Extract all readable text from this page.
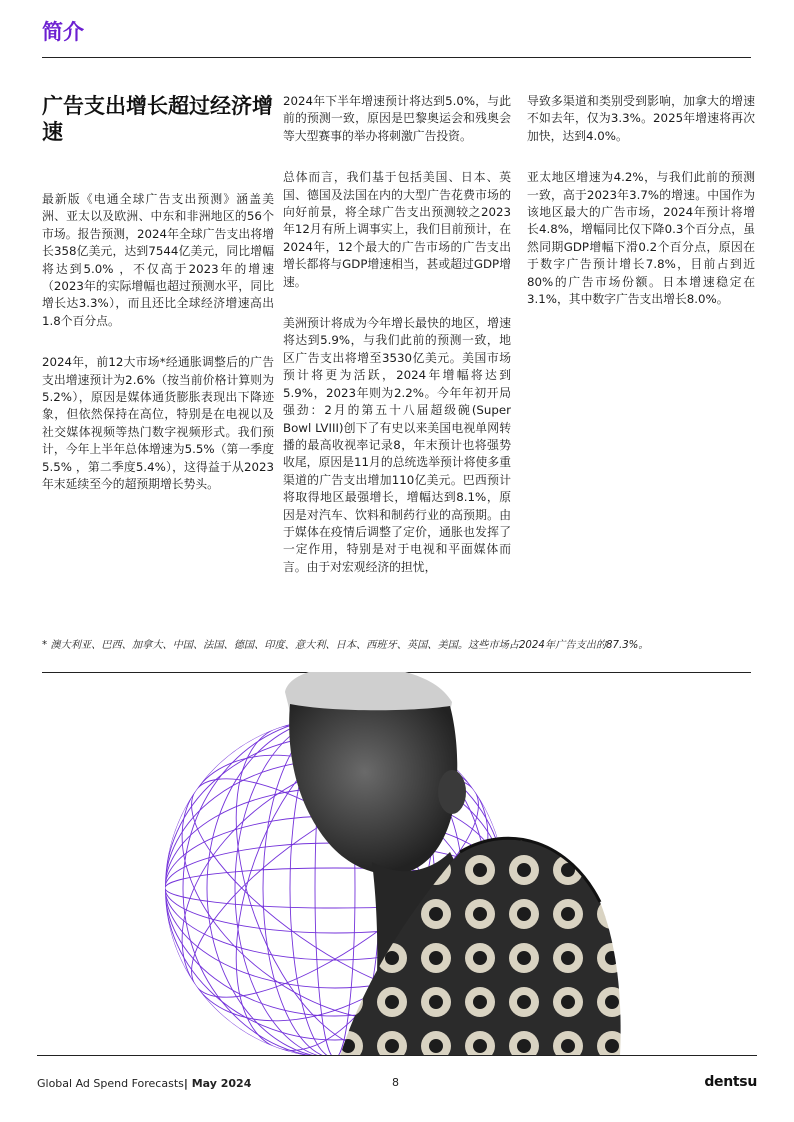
简介
广告支出增长超过经济增速

最新版《电通全球广告支出预测》涵盖美洲、亚太以及欧洲、中东和非洲地区的56个市场。报告预测，2024年全球广告支出将增长358亿美元，达到7544亿美元，同比增幅将达到5.0% ，不仅高于2023年的增速（2023年的实际增幅也超过预测水平，同比增长达3.3%），而且还比全球经济增速高出1.8个百分点。

2024年，前12大市场*经通胀调整后的广告支出增速预计为2.6%（按当前价格计算则为5.2%），原因是媒体通货膨胀表现出下降迹象，但依然保持在高位，特别是在电视以及社交媒体视频等热门数字视频形式。我们预计，今年上半年总体增速为5.5%（第一季度5.5% ，第二季度5.4%），这得益于从2023年末延续至今的超预期增长势头。

2024年下半年增速预计将达到5.0%，与此前的预测一致，原因是巴黎奥运会和残奥会等大型赛事的举办将刺激广告投资。

总体而言，我们基于包括美国、日本、英国、德国及法国在内的大型广告花费市场的向好前景，将全球广告支出预测较之2023年12月有所上调事实上，我们目前预计，在2024年，12个最大的广告市场的广告支出增长都将与GDP增速相当，甚或超过GDP增速。

美洲预计将成为今年增长最快的地区，增速将达到5.9%，与我们此前的预测一致，地区广告支出将增至3530亿美元。美国市场预计将更为活跃，2024年增幅将达到5.9%，2023年则为2.2%。今年年初开局强劲：2月的第五十八届超级碗(Super Bowl LVIII)创下了有史以来美国电视单网转播的最高收视率记录8，年末预计也将强势收尾，原因是11月的总统选举预计将使多重渠道的广告支出增加110亿美元。巴西预计将取得地区最强增长，增幅达到8.1%，原因是对汽车、饮料和制药行业的高预期。由于媒体在疫情后调整了定价，通胀也发挥了一定作用，特别是对于电视和平面媒体而言。由于对宏观经济的担忧，

导致多渠道和类别受到影响，加拿大的增速不如去年，仅为3.3%。2025年增速将再次加快，达到4.0%。

亚太地区增速为4.2%，与我们此前的预测一致，高于2023年3.7%的增速。中国作为该地区最大的广告市场，2024年预计将增长4.8%，增幅同比仅下降0.3个百分点，虽然同期GDP增幅下滑0.2个百分点，原因在于数字广告预计增长7.8%，目前占到近80%的广告市场份额。日本增速稳定在3.1%，其中数字广告支出增长8.0%。

* 澳大利亚、巴西、加拿大、中国、法国、德国、印度、意大利、日本、西班牙、英国、美国。这些市场占2024年广告支出的87.3%。

Global Ad Spend Forecasts| May 2024	8	dentsu
